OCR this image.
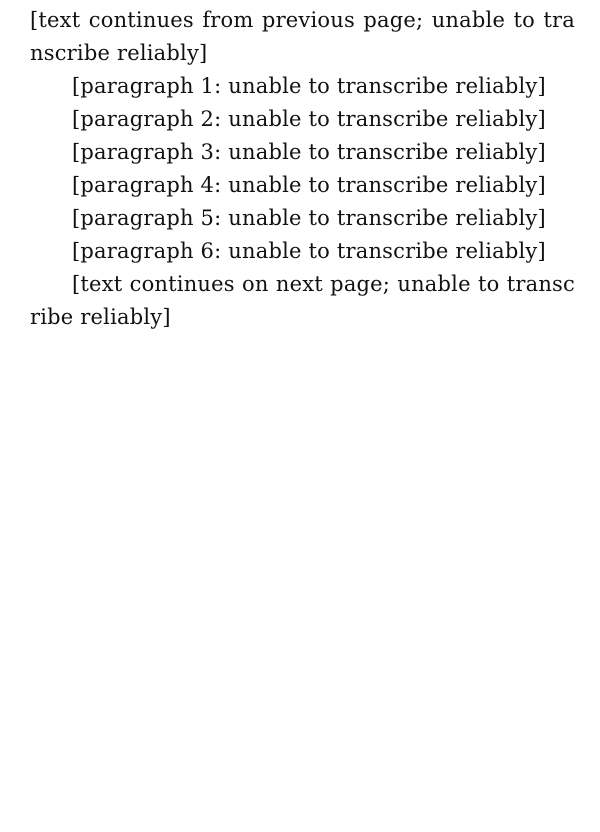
[text continues from previous page; unable to transcribe reliably]

[paragraph 1: unable to transcribe reliably]

[paragraph 2: unable to transcribe reliably]

[paragraph 3: unable to transcribe reliably]

[paragraph 4: unable to transcribe reliably]

[paragraph 5: unable to transcribe reliably]

[paragraph 6: unable to transcribe reliably]

[text continues on next page; unable to transcribe reliably]
